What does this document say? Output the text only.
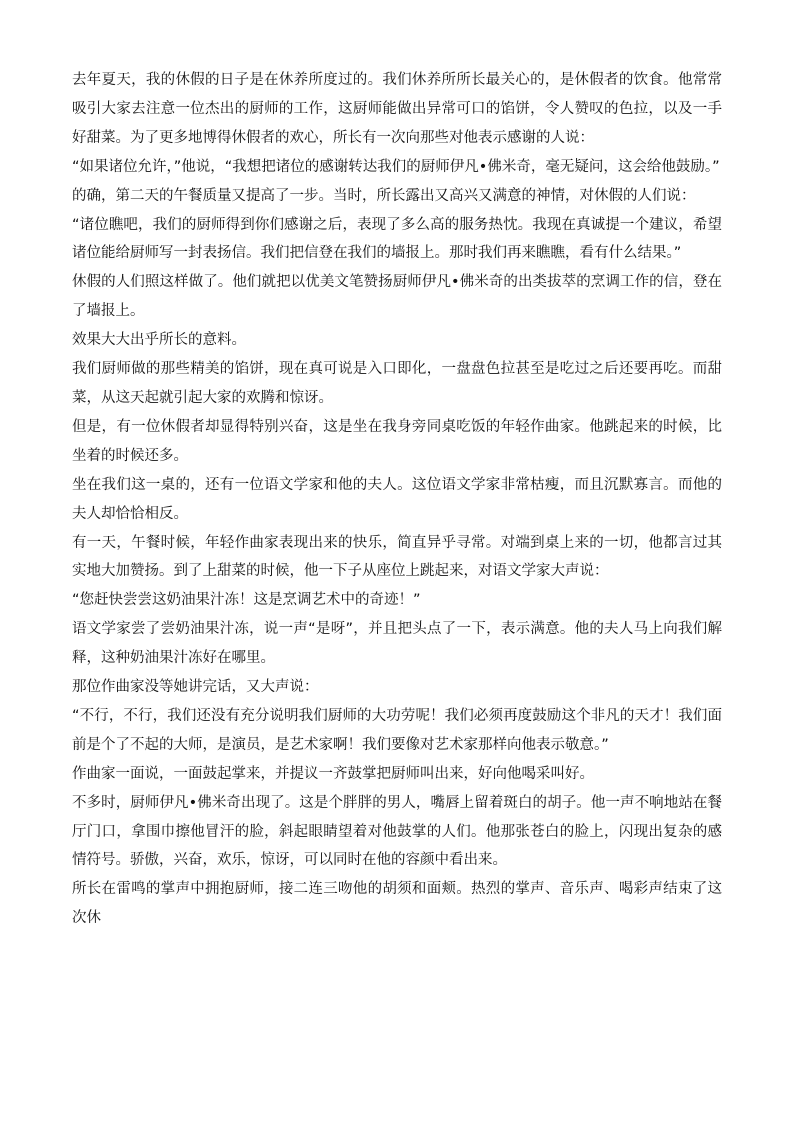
去年夏天，我的休假的日子是在休养所度过的。我们休养所所长最关心的，是休假者的饮食。他常常吸引大家去注意一位杰出的厨师的工作，这厨师能做出异常可口的馅饼，令人赞叹的色拉，以及一手好甜菜。为了更多地博得休假者的欢心，所长有一次向那些对他表示感谢的人说：

“如果诸位允许，”他说，“我想把诸位的感谢转达我们的厨师伊凡•佛米奇，毫无疑问，这会给他鼓励。”

的确，第二天的午餐质量又提高了一步。当时，所长露出又高兴又满意的神情，对休假的人们说：

“诸位瞧吧，我们的厨师得到你们感谢之后，表现了多么高的服务热忱。我现在真诚提一个建议，希望诸位能给厨师写一封表扬信。我们把信登在我们的墙报上。那时我们再来瞧瞧，看有什么结果。”

休假的人们照这样做了。他们就把以优美文笔赞扬厨师伊凡•佛米奇的出类拔萃的烹调工作的信，登在了墙报上。

效果大大出乎所长的意料。

我们厨师做的那些精美的馅饼，现在真可说是入口即化，一盘盘色拉甚至是吃过之后还要再吃。而甜菜，从这天起就引起大家的欢腾和惊讶。

但是，有一位休假者却显得特别兴奋，这是坐在我身旁同桌吃饭的年轻作曲家。他跳起来的时候，比坐着的时候还多。

坐在我们这一桌的，还有一位语文学家和他的夫人。这位语文学家非常枯瘦，而且沉默寡言。而他的夫人却恰恰相反。

有一天，午餐时候，年轻作曲家表现出来的快乐，简直异乎寻常。对端到桌上来的一切，他都言过其实地大加赞扬。到了上甜菜的时候，他一下子从座位上跳起来，对语文学家大声说：

“您赶快尝尝这奶油果汁冻！这是烹调艺术中的奇迹！”

语文学家尝了尝奶油果汁冻，说一声“是呀”，并且把头点了一下，表示满意。他的夫人马上向我们解释，这种奶油果汁冻好在哪里。

那位作曲家没等她讲完话，又大声说：

“不行，不行，我们还没有充分说明我们厨师的大功劳呢！我们必须再度鼓励这个非凡的天才！我们面前是个了不起的大师，是演员，是艺术家啊！我们要像对艺术家那样向他表示敬意。”

作曲家一面说，一面鼓起掌来，并提议一齐鼓掌把厨师叫出来，好向他喝采叫好。

不多时，厨师伊凡•佛米奇出现了。这是个胖胖的男人，嘴唇上留着斑白的胡子。他一声不响地站在餐厅门口，拿围巾擦他冒汗的脸，斜起眼睛望着对他鼓掌的人们。他那张苍白的脸上，闪现出复杂的感情符号。骄傲，兴奋，欢乐，惊讶，可以同时在他的容颜中看出来。

所长在雷鸣的掌声中拥抱厨师，接二连三吻他的胡须和面颊。热烈的掌声、音乐声、喝彩声结束了这次休
